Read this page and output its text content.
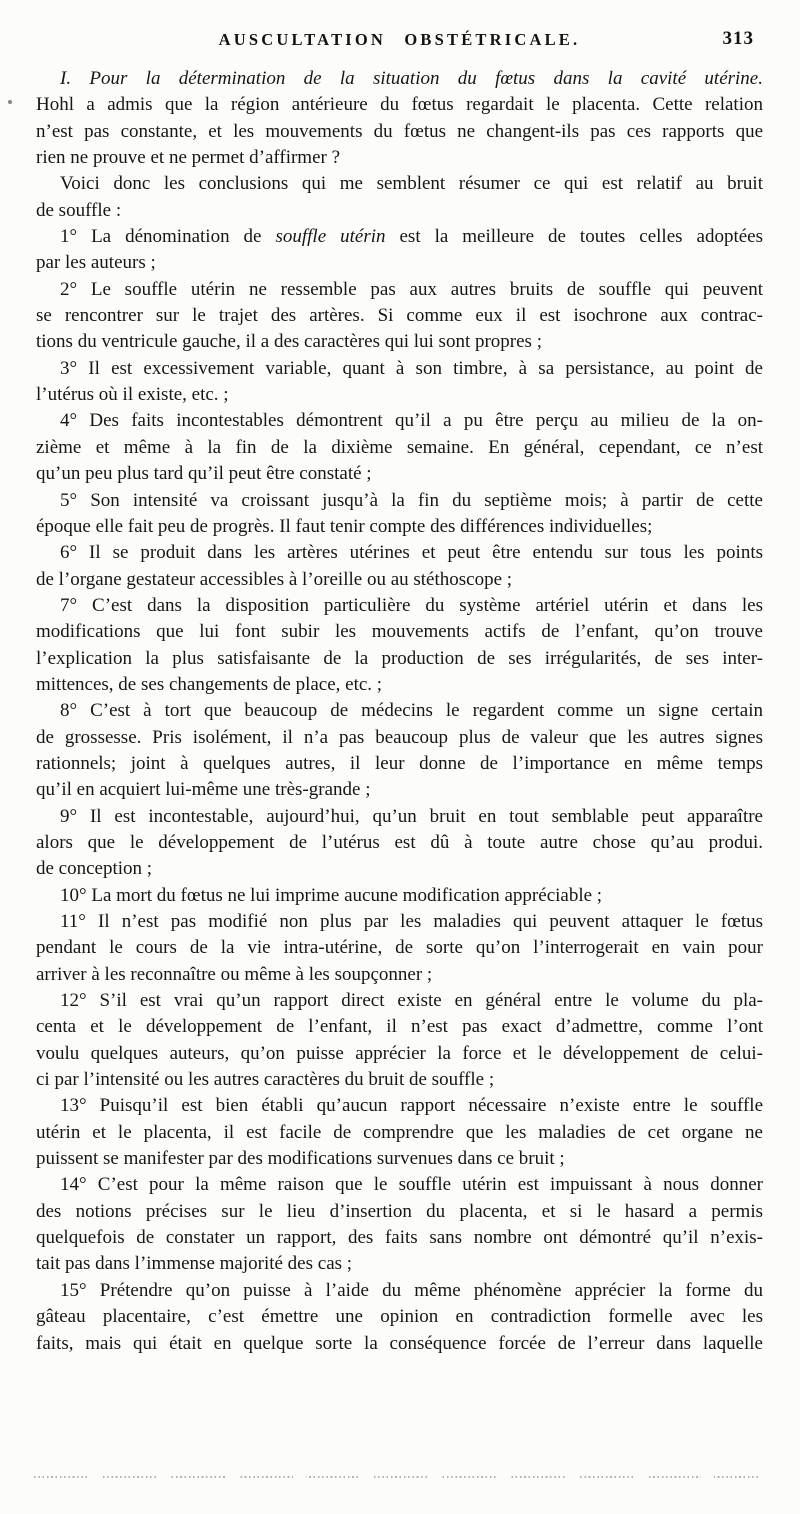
AUSCULTATION OBSTÉTRICALE.	313
I. Pour la détermination de la situation du fœtus dans la cavité utérine.
Hohl a admis que la région antérieure du fœtus regardait le placenta. Cette relation
n’est pas constante, et les mouvements du fœtus ne changent-ils pas ces rapports que
rien ne prouve et ne permet d’affirmer ?
Voici donc les conclusions qui me semblent résumer ce qui est relatif au bruit
de souffle :
1° La dénomination de souffle utérin est la meilleure de toutes celles adoptées
par les auteurs ;
2° Le souffle utérin ne ressemble pas aux autres bruits de souffle qui peuvent
se rencontrer sur le trajet des artères. Si comme eux il est isochrone aux contrac-
tions du ventricule gauche, il a des caractères qui lui sont propres ;
3° Il est excessivement variable, quant à son timbre, à sa persistance, au point de
l’utérus où il existe, etc. ;
4° Des faits incontestables démontrent qu’il a pu être perçu au milieu de la on-
zième et même à la fin de la dixième semaine. En général, cependant, ce n’est
qu’un peu plus tard qu’il peut être constaté ;
5° Son intensité va croissant jusqu’à la fin du septième mois; à partir de cette
époque elle fait peu de progrès. Il faut tenir compte des différences individuelles;
6° Il se produit dans les artères utérines et peut être entendu sur tous les points
de l’organe gestateur accessibles à l’oreille ou au stéthoscope ;
7° C’est dans la disposition particulière du système artériel utérin et dans les
modifications que lui font subir les mouvements actifs de l’enfant, qu’on trouve
l’explication la plus satisfaisante de la production de ses irrégularités, de ses inter-
mittences, de ses changements de place, etc. ;
8° C’est à tort que beaucoup de médecins le regardent comme un signe certain
de grossesse. Pris isolément, il n’a pas beaucoup plus de valeur que les autres signes
rationnels; joint à quelques autres, il leur donne de l’importance en même temps
qu’il en acquiert lui-même une très-grande ;
9° Il est incontestable, aujourd’hui, qu’un bruit en tout semblable peut apparaître
alors que le développement de l’utérus est dû à toute autre chose qu’au produi.
de conception ;
10° La mort du fœtus ne lui imprime aucune modification appréciable ;
11° Il n’est pas modifié non plus par les maladies qui peuvent attaquer le fœtus
pendant le cours de la vie intra-utérine, de sorte qu’on l’interrogerait en vain pour
arriver à les reconnaître ou même à les soupçonner ;
12° S’il est vrai qu’un rapport direct existe en général entre le volume du pla-
centa et le développement de l’enfant, il n’est pas exact d’admettre, comme l’ont
voulu quelques auteurs, qu’on puisse apprécier la force et le développement de celui-
ci par l’intensité ou les autres caractères du bruit de souffle ;
13° Puisqu’il est bien établi qu’aucun rapport nécessaire n’existe entre le souffle
utérin et le placenta, il est facile de comprendre que les maladies de cet organe ne
puissent se manifester par des modifications survenues dans ce bruit ;
14° C’est pour la même raison que le souffle utérin est impuissant à nous donner
des notions précises sur le lieu d’insertion du placenta, et si le hasard a permis
quelquefois de constater un rapport, des faits sans nombre ont démontré qu’il n’exis-
tait pas dans l’immense majorité des cas ;
15° Prétendre qu’on puisse à l’aide du même phénomène apprécier la forme du
gâteau placentaire, c’est émettre une opinion en contradiction formelle avec les
faits, mais qui était en quelque sorte la conséquence forcée de l’erreur dans laquelle
